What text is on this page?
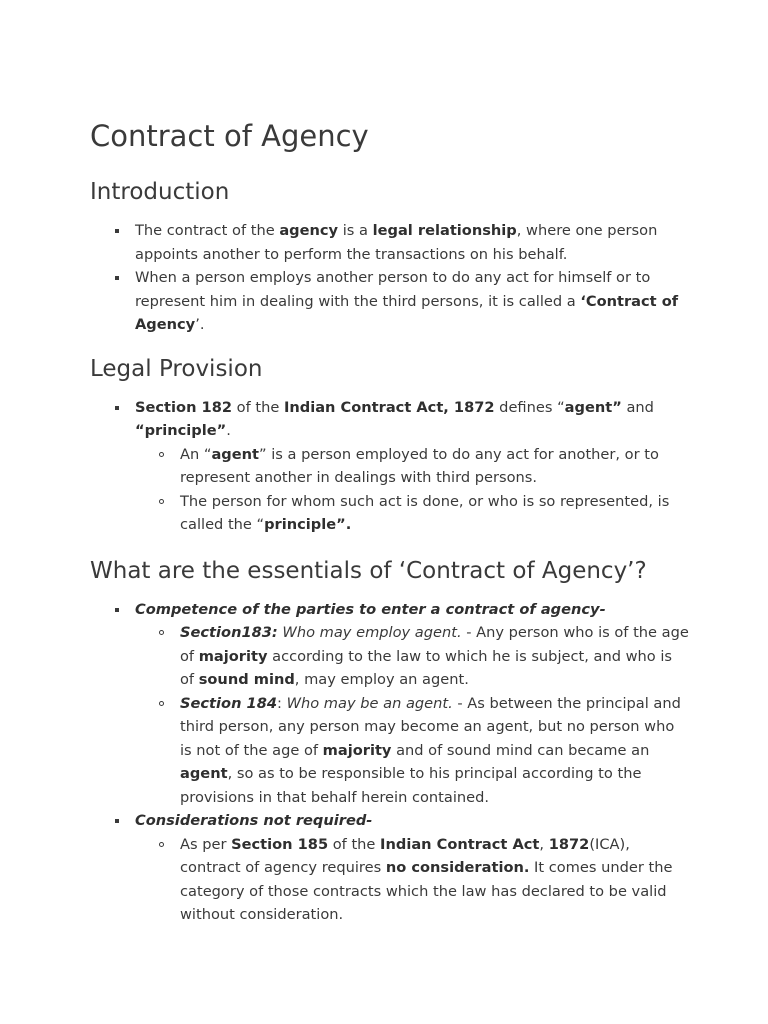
Contract of Agency
Introduction
The contract of the agency is a legal relationship, where one person appoints another to perform the transactions on his behalf.
When a person employs another person to do any act for himself or to represent him in dealing with the third persons, it is called a ‘Contract of Agency’.
Legal Provision
Section 182 of the Indian Contract Act, 1872 defines “agent” and “principle”.
An “agent” is a person employed to do any act for another, or to represent another in dealings with third persons.
The person for whom such act is done, or who is so represented, is called the “principle”.
What are the essentials of ‘Contract of Agency’?
Competence of the parties to enter a contract of agency-
Section183: Who may employ agent. - Any person who is of the age of majority according to the law to which he is subject, and who is of sound mind, may employ an agent.
Section 184: Who may be an agent. - As between the principal and third person, any person may become an agent, but no person who is not of the age of majority and of sound mind can became an agent, so as to be responsible to his principal according to the provisions in that behalf herein contained.
Considerations not required-
As per Section 185 of the Indian Contract Act, 1872(ICA), contract of agency requires no consideration. It comes under the category of those contracts which the law has declared to be valid without consideration.
